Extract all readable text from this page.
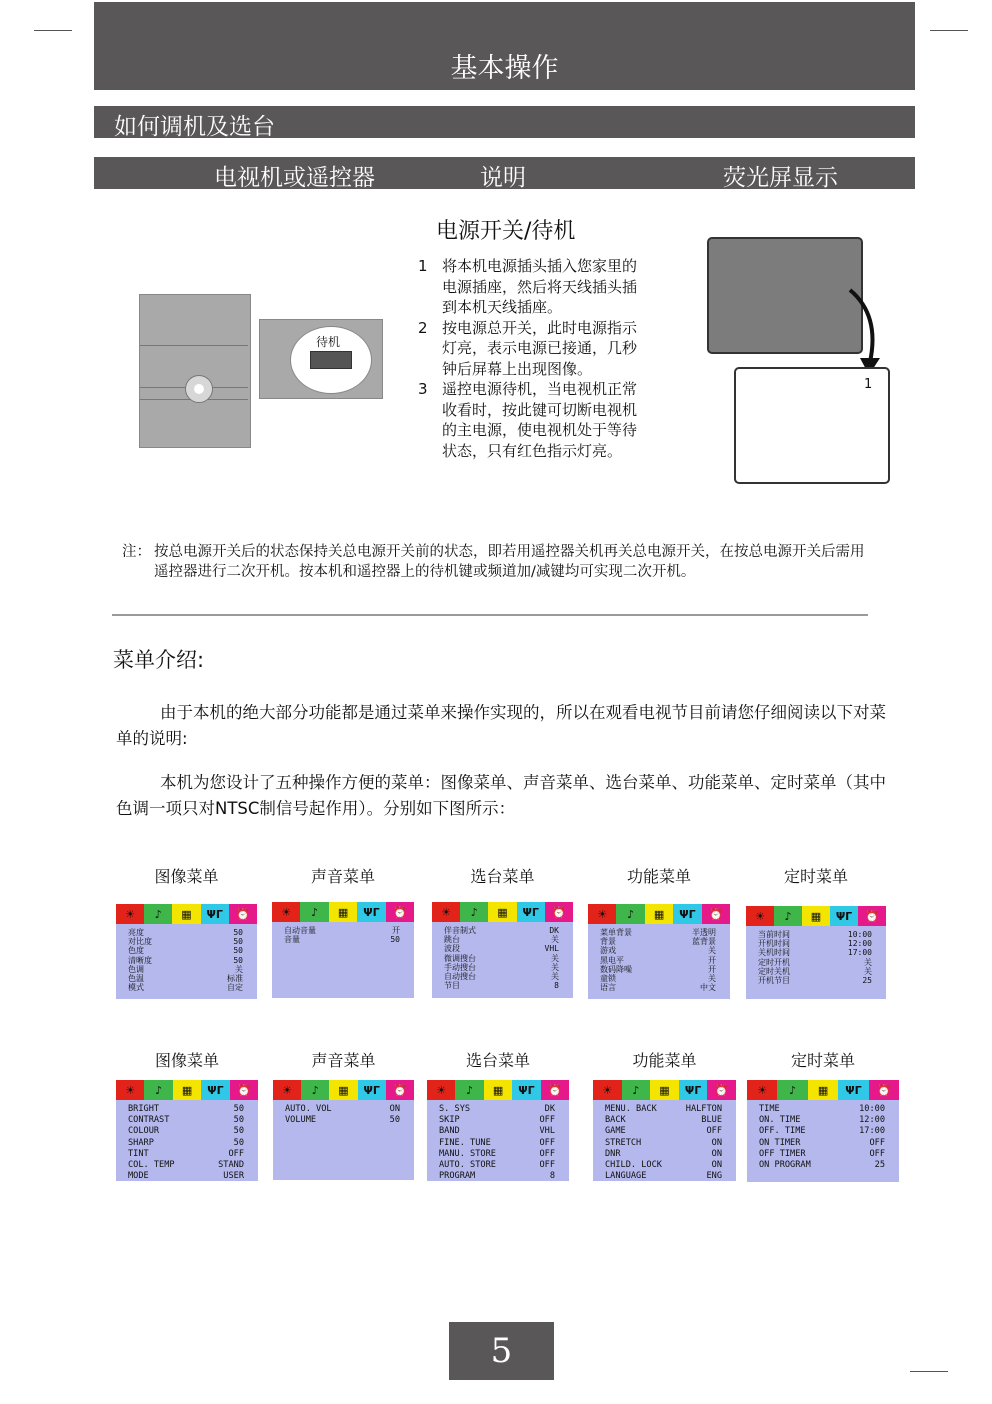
基本操作
如何调机及选台
电视机或遥控器	说明	荧光屏显示
待机
电源开关/待机
1 将本机电源插头插入您家里的电源插座，然后将天线插头插到本机天线插座。
2 按电源总开关，此时电源指示灯亮，表示电源已接通，几秒钟后屏幕上出现图像。
3 遥控电源待机，当电视机正常收看时，按此键可切断电视机的主电源，使电视机处于等待状态，只有红色指示灯亮。
1
注： 按总电源开关后的状态保持关总电源开关前的状态，即若用遥控器关机再关总电源开关，在按总电源开关后需用遥控器进行二次开机。按本机和遥控器上的待机键或频道加/减键均可实现二次开机。
菜单介绍:
由于本机的绝大部分功能都是通过菜单来操作实现的，所以在观看电视节目前请您仔细阅读以下对菜单的说明:
本机为您设计了五种操作方便的菜单：图像菜单、声音菜单、选台菜单、功能菜单、定时菜单（其中色调一项只对NTSC制信号起作用）。分别如下图所示：
图像菜单
☀	♪	▦	ΨΓ	⏰
亮度	50
对比度	50
色度	50
清晰度	50
色调	关
色温	标准
模式	自定
声音菜单
☀	♪	▦	ΨΓ	⏰
自动音量	开
音量	50
选台菜单
☀	♪	▦	ΨΓ	⏰
伴音制式	DK
跳台	关
波段	VHL
微调搜台	关
手动搜台	关
自动搜台	关
节目	8
功能菜单
☀	♪	▦	ΨΓ	⏰
菜单背景	半透明
背景	蓝背景
游戏	关
黑电平	开
数码降噪	开
童锁	关
语言	中文
定时菜单
☀	♪	▦	ΨΓ	⏰
当前时间	10:00
开机时间	12:00
关机时间	17:00
定时开机	关
定时关机	关
开机节目	25
图像菜单
☀	♪	▦	ΨΓ	⏰
BRIGHT	50
CONTRAST	50
COLOUR	50
SHARP	50
TINT	OFF
COL. TEMP	STAND
MODE	USER
声音菜单
☀	♪	▦	ΨΓ	⏰
AUTO. VOL	ON
VOLUME	50
选台菜单
☀	♪	▦	ΨΓ	⏰
S. SYS	DK
SKIP	OFF
BAND	VHL
FINE. TUNE	OFF
MANU. STORE	OFF
AUTO. STORE	OFF
PROGRAM	8
功能菜单
☀	♪	▦	ΨΓ	⏰
MENU. BACK	HALFTON
BACK	BLUE
GAME	OFF
STRETCH	ON
DNR	ON
CHILD. LOCK	ON
LANGUAGE	ENG
定时菜单
☀	♪	▦	ΨΓ	⏰
TIME	10:00
ON. TIME	12:00
OFF. TIME	17:00
ON TIMER	OFF
OFF TIMER	OFF
ON PROGRAM	25
5
